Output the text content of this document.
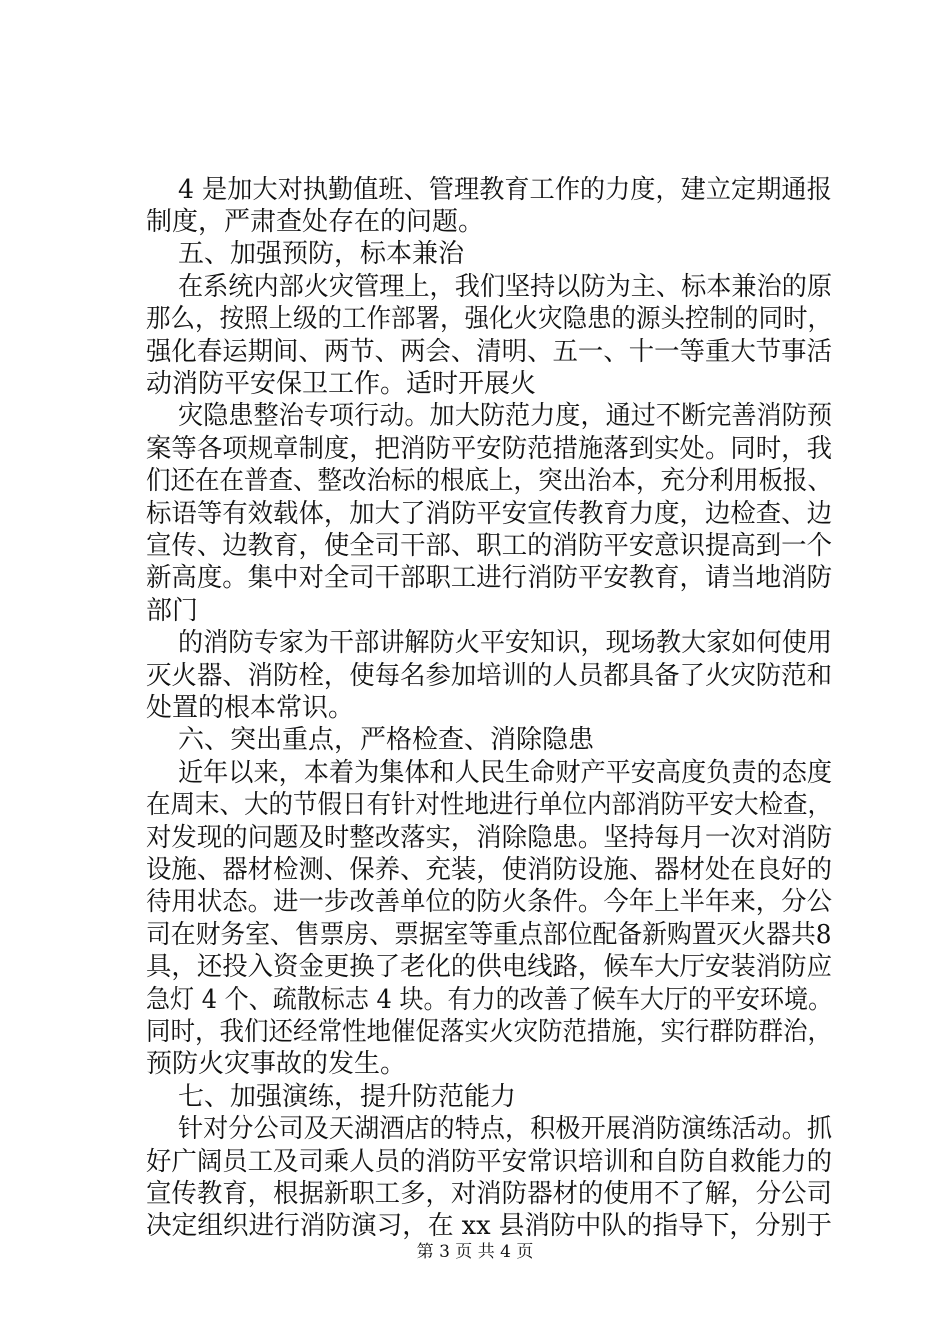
4 是加大对执勤值班、管理教育工作的力度，建立定期通报
制度，严肃查处存在的问题。
五、加强预防，标本兼治
在系统内部火灾管理上，我们坚持以防为主、标本兼治的原
那么，按照上级的工作部署，强化火灾隐患的源头控制的同时，
强化春运期间、两节、两会、清明、五一、十一等重大节事活
动消防平安保卫工作。适时开展火
灾隐患整治专项行动。加大防范力度，通过不断完善消防预
案等各项规章制度，把消防平安防范措施落到实处。同时，我
们还在在普查、整改治标的根底上，突出治本，充分利用板报、
标语等有效载体，加大了消防平安宣传教育力度，边检查、边
宣传、边教育，使全司干部、职工的消防平安意识提高到一个
新高度。集中对全司干部职工进行消防平安教育，请当地消防
部门
的消防专家为干部讲解防火平安知识，现场教大家如何使用
灭火器、消防栓，使每名参加培训的人员都具备了火灾防范和
处置的根本常识。
六、突出重点，严格检查、消除隐患
近年以来，本着为集体和人民生命财产平安高度负责的态度
在周末、大的节假日有针对性地进行单位内部消防平安大检查，
对发现的问题及时整改落实，消除隐患。坚持每月一次对消防
设施、器材检测、保养、充装，使消防设施、器材处在良好的
待用状态。进一步改善单位的防火条件。今年上半年来，分公
司在财务室、售票房、票据室等重点部位配备新购置灭火器共8
具，还投入资金更换了老化的供电线路，候车大厅安装消防应
急灯 4 个、疏散标志 4 块。有力的改善了候车大厅的平安环境。
同时，我们还经常性地催促落实火灾防范措施，实行群防群治，
预防火灾事故的发生。
七、加强演练，提升防范能力
针对分公司及天湖酒店的特点，积极开展消防演练活动。抓
好广阔员工及司乘人员的消防平安常识培训和自防自救能力的
宣传教育，根据新职工多，对消防器材的使用不了解，分公司
决定组织进行消防演习，在 xx 县消防中队的指导下，分别于
第 3 页 共 4 页
